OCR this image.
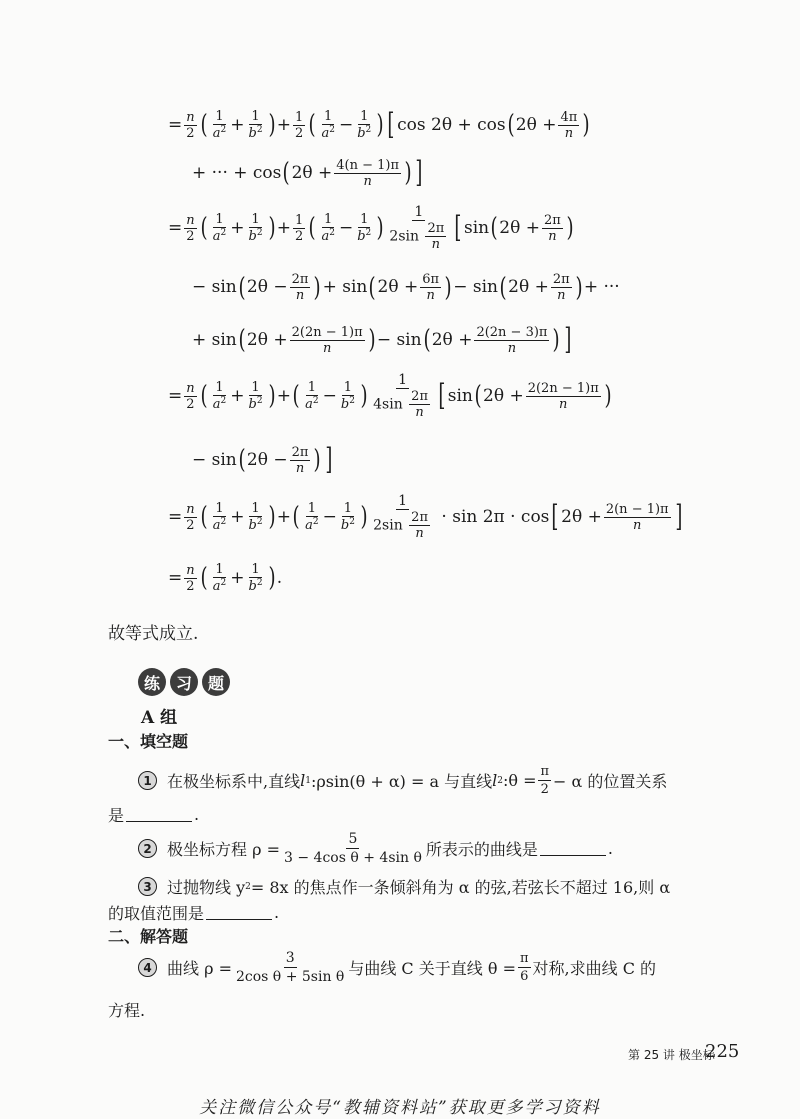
= $\frac{n}{2}$ ( $\frac{1}{a^2} + \frac{1}{b^2}$ ) + $\frac{1}{2}$ ( $\frac{1}{a^2} - \frac{1}{b^2}$ ) [ cos 2θ
+ cos ( $2\theta + \frac{4\pi}{n}$ )
+ ··· + cos ( $2\theta + \frac{4(n - 1)\pi}{n}$ ) ]
= $\frac{n}{2}$ ( $\frac{1}{a^2} + \frac{1}{b^2}$ ) + $\frac{1}{2}$ ( $\frac{1}{a^2} - \frac{1}{b^2}$ ) $\frac{1}{2\sin \frac{2\pi}{n}}$ [ sin ( $2\theta + \frac{2\pi}{n}$ )
− sin ( $2\theta - \frac{2\pi}{n}$ ) + sin ( $2\theta + \frac{6\pi}{n}$ ) − sin ( $2\theta + \frac{2\pi}{n}$ ) + ···
+ sin ( $2\theta + \frac{2(2n - 1)\pi}{n}$ ) − sin ( $2\theta + \frac{2(2n - 3)\pi}{n}$ ) ]
= $\frac{n}{2}$ ( $\frac{1}{a^2} + \frac{1}{b^2}$ ) + ( $\frac{1}{a^2} - \frac{1}{b^2}$ ) $\frac{1}{4\sin \frac{2\pi}{n}}$ [ sin ( $2\theta + \frac{2(2n - 1)\pi}{n}$ )
− sin ( $2\theta - \frac{2\pi}{n}$ ) ]
= $\frac{n}{2}$ ( $\frac{1}{a^2} + \frac{1}{b^2}$ ) + ( $\frac{1}{a^2} - \frac{1}{b^2}$ ) $\frac{1}{2\sin \frac{2\pi}{n}}$
· sin 2π · cos [ $2\theta + \frac{2(n - 1)\pi}{n}$ ]
= $\frac{n}{2}$ ( $\frac{1}{a^2} + \frac{1}{b^2}$ ) .
故等式成立.
练 习 题
A 组
一、填空题
1 在极坐标系中,直线 l 1 :ρsin(θ + α) = a 与直线 l 2 :θ = $\frac{\pi}{2} - \alpha$ 的位置关系
是	.
2 极坐标方程 $\rho = \frac{5}{\text{3 − 4cos θ + 4sin θ}}$ 所表示的曲线是	.
3 过抛物线 y 2 = 8x 的焦点作一条倾斜角为 α 的弦,若弦长不超过 16,则 α
的取值范围是	.
二、解答题
4 曲线 $\rho = \frac{3}{\text{2cos θ + 5sin θ}}$ 与曲线 C 关于直线 $\theta = \frac{\pi}{6}$ 对称,求曲线 C 的
方程.
第 25 讲 极坐标
225
关注微信公众号“教辅资料站”获取更多学习资料
